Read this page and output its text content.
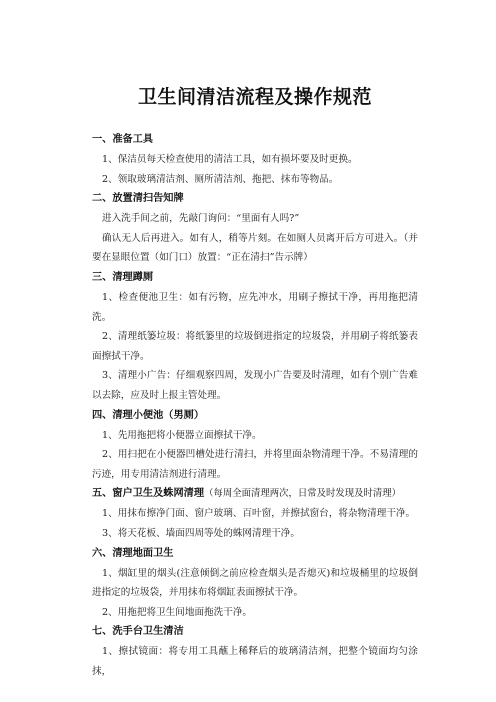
卫生间清洁流程及操作规范
一、准备工具
1、保洁员每天检查使用的清洁工具，如有损坏要及时更换。
2、领取玻璃清洁剂、厕所清洁剂、拖把、抹布等物品。
二、放置清扫告知牌
进入洗手间之前，先敲门询问：“里面有人吗?”
确认无人后再进入。如有人，稍等片刻。在如厕人员离开后方可进入。（并要在显眼位置（如门口）放置：“正在清扫”告示牌）
三、清理蹲厕
1、检查便池卫生：如有污物，应先冲水，用刷子擦拭干净，再用拖把清洗。
2、清理纸篓垃圾：将纸篓里的垃圾倒进指定的垃圾袋，并用刷子将纸篓表面擦拭干净。
3、清理小广告：仔细观察四周，发现小广告要及时清理，如有个别广告难以去除，应及时上报主管处理。
四、清理小便池（男厕）
1、先用拖把将小便器立面擦拭干净。
2、用扫把在小便器凹槽处进行清扫，并将里面杂物清理干净。不易清理的污迹，用专用清洁剂进行清理。
五、窗户卫生及蛛网清理（每周全面清理两次，日常及时发现及时清理）
1、用抹布擦净门面、窗户玻璃、百叶窗，并擦拭窗台，将杂物清理干净。
3、将天花板、墙面四周等处的蛛网清理干净。
六、清理地面卫生
1、烟缸里的烟头(注意倾倒之前应检查烟头是否熄灭)和垃圾桶里的垃圾倒进指定的垃圾袋，并用抹布将烟缸表面擦拭干净。
2、用拖把将卫生间地面拖洗干净。
七、洗手台卫生清洁
1、擦拭镜面：将专用工具蘸上稀释后的玻璃清洁剂，把整个镜面均匀涂抹，
